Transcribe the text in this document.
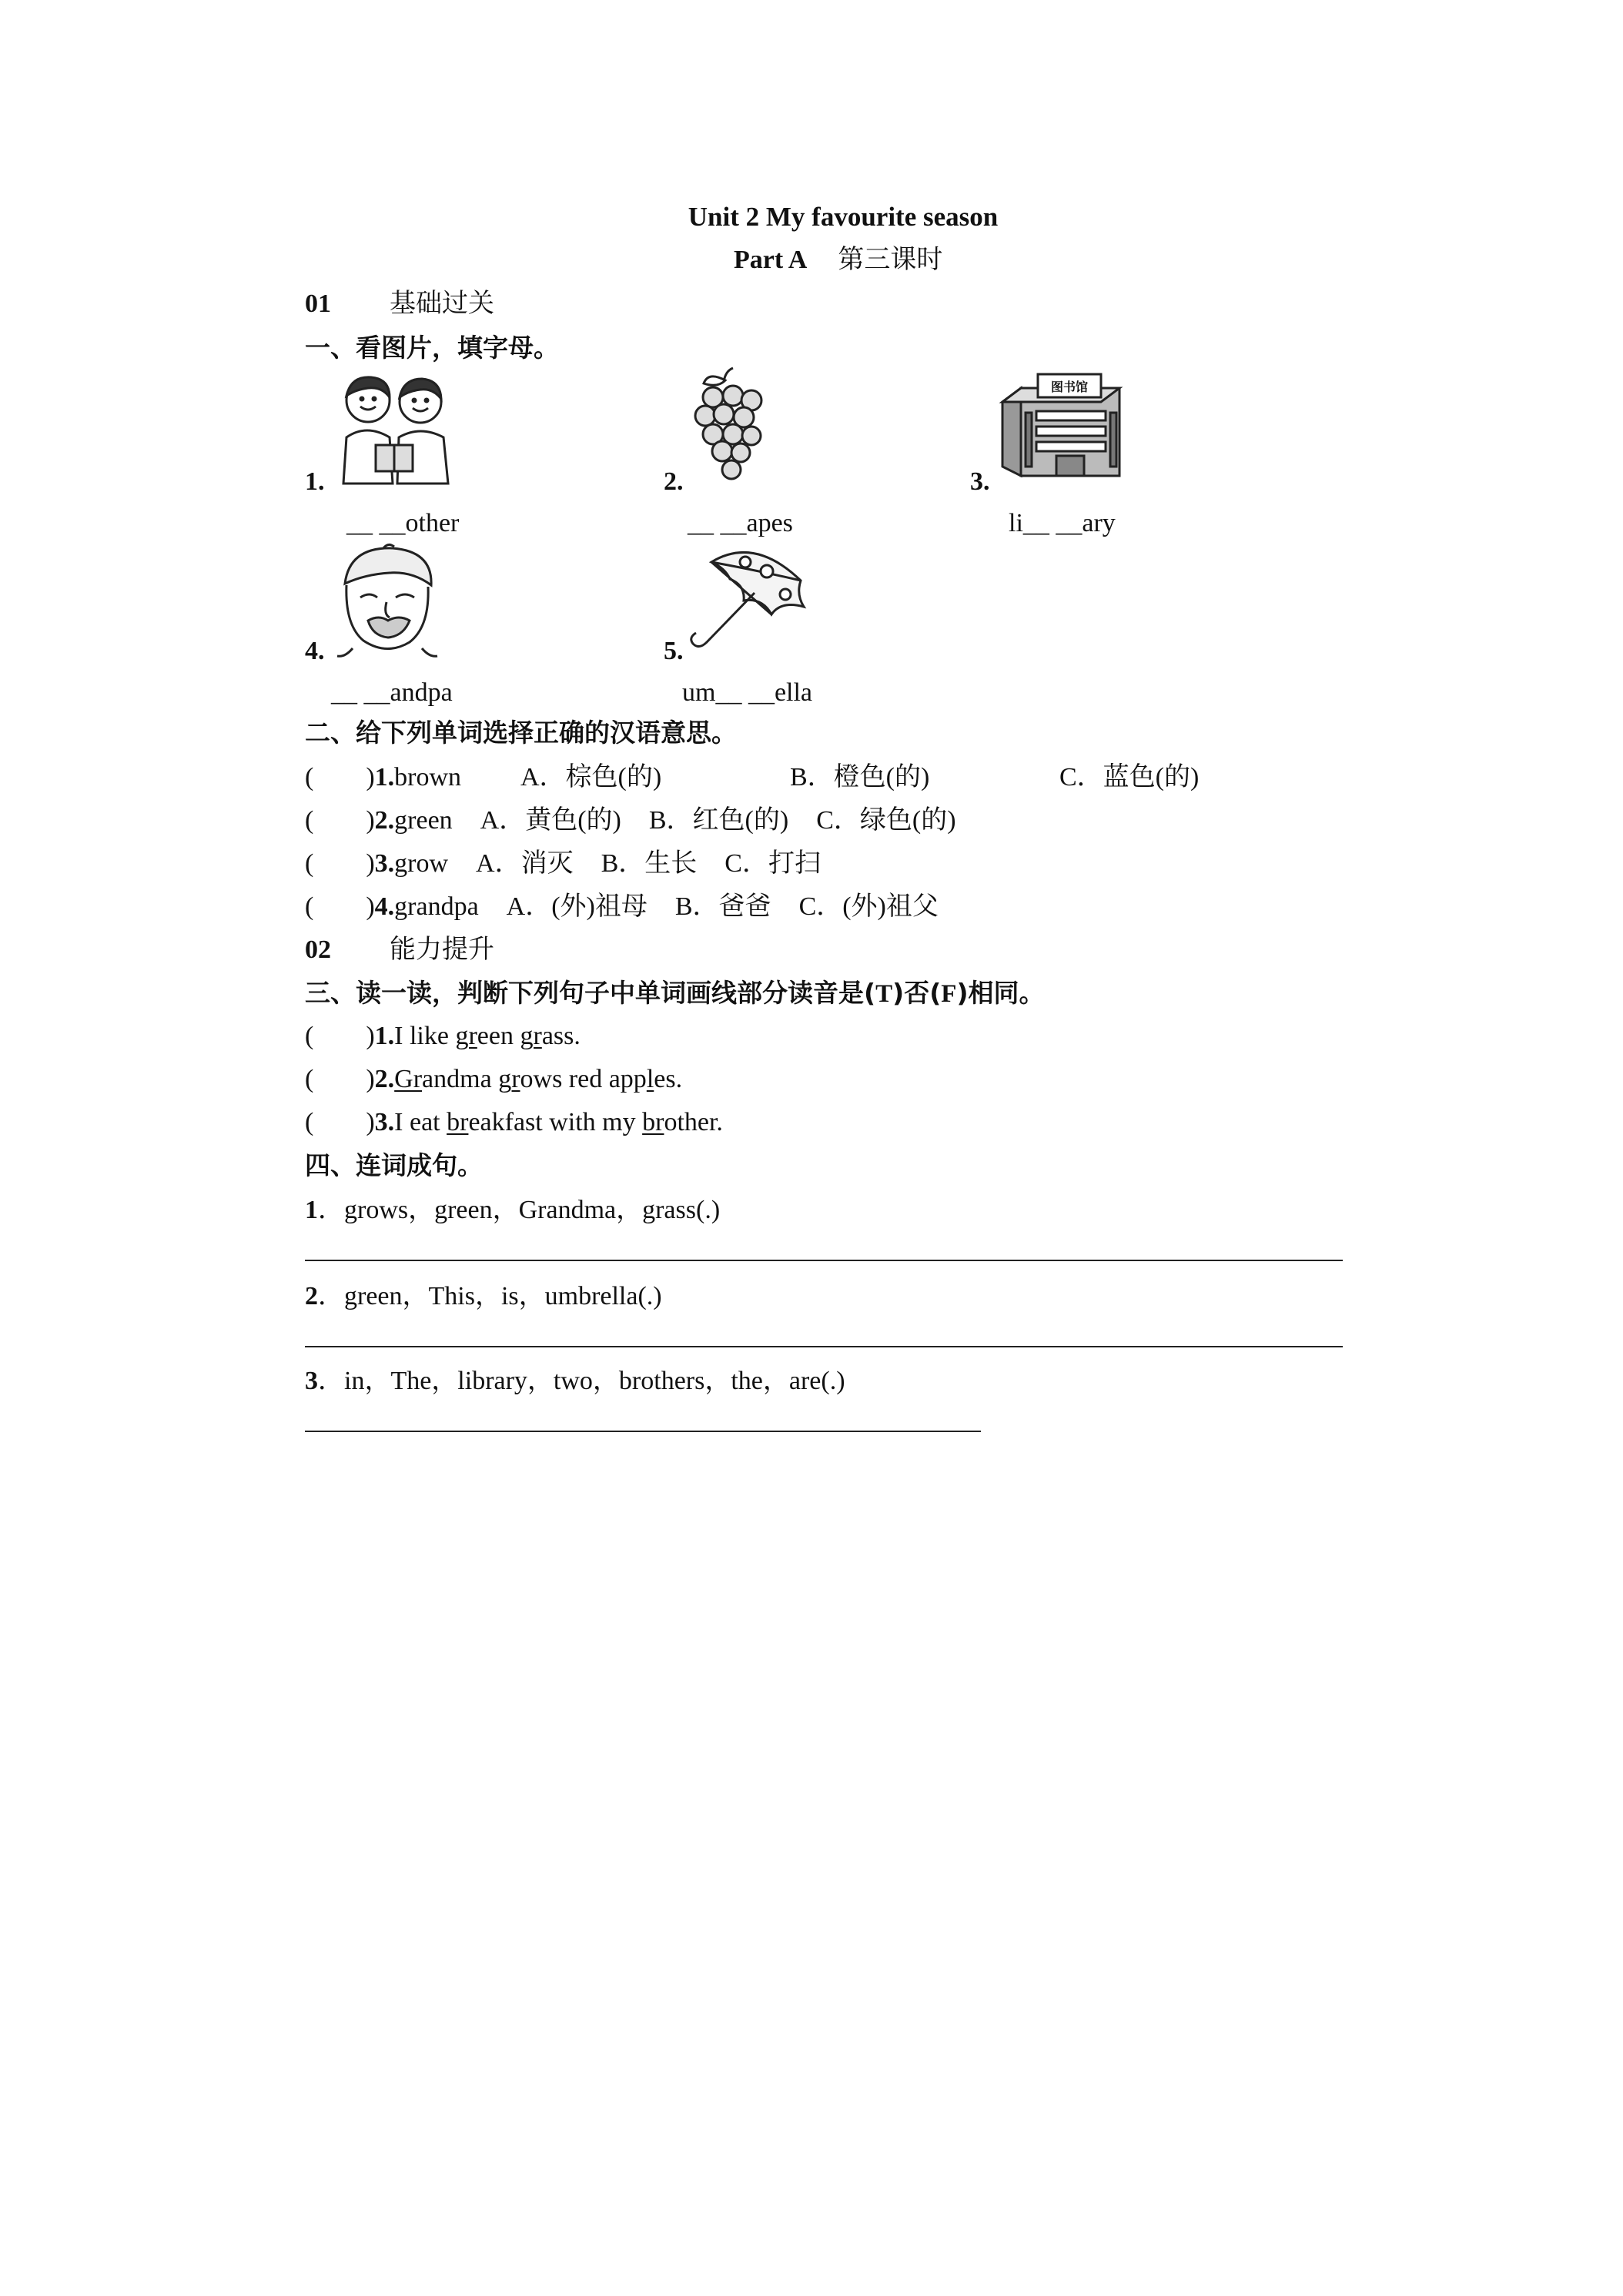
Unit 2 My favourite season
Part A 第三课时
01 基础过关
一、看图片，填字母。
1.
__ __other
2.
__ __apes
图书馆
3.
li__ __ary
4.
__ __andpa
5.
um__ __ella
二、给下列单词选择正确的汉语意思。
(　　)1.brown A．棕色(的)	B．橙色(的)	C．蓝色(的)
(　　)2.green A．黄色(的) B．红色(的) C．绿色(的)
(　　)3.grow A．消灭 B．生长 C．打扫
(　　)4.grandpa A．(外)祖母 B．爸爸 C．(外)祖父
02 能力提升
三、读一读，判断下列句子中单词画线部分读音是(T)否(F)相同。
(　　)1.I like green grass.
(　　)2.Grandma grows red apples.
(　　)3.I eat breakfast with my brother.
四、连词成句。
1．grows，green，Grandma，grass(.)
2．green，This，is，umbrella(.)
3．in，The，library，two，brothers，the，are(.)
